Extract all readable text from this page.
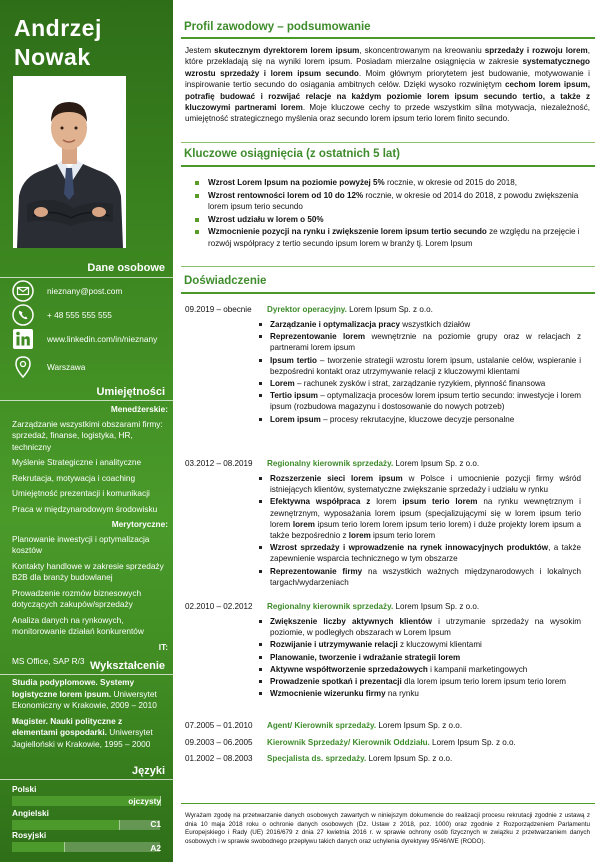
Andrzej
Nowak
Dane osobowe
nieznany@post.com
+ 48 555 555 555
www.linkedin.com/in/nieznany
Warszawa
Umiejętności
Menedżerskie:
Zarządzanie wszystkimi obszarami firmy: sprzedaż, finanse, logistyka, HR, techniczny
Myślenie Strategiczne i analityczne
Rekrutacja, motywacja i coaching
Umiejętność prezentacji i komunikacji
Praca w międzynarodowym środowisku
Merytoryczne:
Planowanie inwestycji i optymalizacja kosztów
Kontakty handlowe w zakresie sprzedaży B2B dla branży budowlanej
Prowadzenie rozmów biznesowych dotyczących zakupów/sprzedaży
Analiza danych na rynkowych, monitorowanie działań konkurentów
IT:
MS Office, SAP R/3 Wykształcenie
Studia podyplomowe. Systemy logistyczne lorem ipsum. Uniwersytet Ekonomiczny w Krakowie, 2009 – 2010
Magister. Nauki polityczne z elementami gospodarki. Uniwersytet Jagielloński w Krakowie, 1995 – 2000
Języki
Polski
ojczysty
Angielski
C1
Rosyjski
A2
Profil zawodowy – podsumowanie
Jestem skutecznym dyrektorem lorem ipsum, skoncentrowanym na kreowaniu sprzedaży i rozwoju lorem, które przekładają się na wyniki lorem ipsum. Posiadam mierzalne osiągnięcia w zakresie systematycznego wzrostu sprzedaży i lorem ipsum secundo. Moim głównym priorytetem jest budowanie, motywowanie i inspirowanie tertio secundo do osiągania ambitnych celów. Dzięki wysoko rozwiniętym cechom lorem ipsum, potrafię budować i rozwijać relacje na każdym poziomie lorem ipsum secundo tertio, a także z kluczowymi partnerami lorem. Moje kluczowe cechy to przede wszystkim silna motywacja, niezależność, umiejętność strategicznego myślenia oraz secundo lorem ipsum terio lorem finito secundo.
Kluczowe osiągnięcia (z ostatnich 5 lat)
Wzrost Lorem Ipsum na poziomie powyżej 5% rocznie, w okresie od 2015 do 2018,
Wzrost rentowności lorem od 10 do 12% rocznie, w okresie od 2014 do 2018, z powodu zwiększenia lorem ipsum terio secundo
Wzrost udziału w lorem o 50%
Wzmocnienie pozycji na rynku i zwiększenie lorem ipsum tertio secundo ze względu na przejęcie i rozwój współpracy z tertio secundo ipsum lorem w branży tj. Lorem Ipsum
Doświadczenie
09.2019 – obecnie Dyrektor operacyjny. Lorem Ipsum Sp. z o.o.
Zarządzanie i optymalizacja pracy wszystkich działów
Reprezentowanie lorem wewnętrznie na poziomie grupy oraz w relacjach z partnerami lorem ipsum
Ipsum tertio – tworzenie strategii wzrostu lorem ipsum, ustalanie celów, wspieranie i bezpośredni kontakt oraz utrzymywanie relacji z kluczowymi klientami
Lorem – rachunek zysków i strat, zarządzanie ryzykiem, płynność finansowa
Tertio ipsum – optymalizacja procesów lorem ipsum tertio secundo: inwestycje i lorem ipsum (rozbudowa magazynu i dostosowanie do nowych potrzeb)
Lorem ipsum – procesy rekrutacyjne, kluczowe decyzje personalne
03.2012 – 08.2019 Regionalny kierownik sprzedaży. Lorem Ipsum Sp. z o.o.
Rozszerzenie sieci lorem ipsum w Polsce i umocnienie pozycji firmy wśród istniejących klientów, systematyczne zwiększanie sprzedaży i udziału w rynku
Efektywna współpraca z lorem ipsum terio lorem na rynku wewnętrznym i zewnętrznym, wyposażania lorem ipsum (specjalizującymi się w lorem ipsum terio lorem lorem ipsum terio lorem lorem ipsum terio lorem) i duże projekty lorem ipsum a także bezpośrednio z lorem ipsum terio lorem
Wzrost sprzedaży i wprowadzenie na rynek innowacyjnych produktów, a także zapewnienie wsparcia technicznego w tym obszarze
Reprezentowanie firmy na wszystkich ważnych międzynarodowych i lokalnych targach/wydarzeniach
02.2010 – 02.2012 Regionalny kierownik sprzedaży. Lorem Ipsum Sp. z o.o.
Zwiększenie liczby aktywnych klientów i utrzymanie sprzedaży na wysokim poziomie, w podległych obszarach w Lorem Ipsum
Rozwijanie i utrzymywanie relacji z kluczowymi klientami
Planowanie, tworzenie i wdrażanie strategii lorem
Aktywne współtworzenie sprzedażowych i kampanii marketingowych
Prowadzenie spotkań i prezentacji dla lorem ipsum terio lorem ipsum terio lorem
Wzmocnienie wizerunku firmy na rynku
07.2005 – 01.2010 Agent/ Kierownik sprzedaży. Lorem Ipsum Sp. z o.o.
09.2003 – 06.2005 Kierownik Sprzedaży/ Kierownik Oddziału. Lorem Ipsum Sp. z o.o.
01.2002 – 08.2003 Specjalista ds. sprzedaży. Lorem Ipsum Sp. z o.o.
Wyrażam zgodę na przetwarzanie danych osobowych zawartych w niniejszym dokumencie do realizacji procesu rekrutacji zgodnie z ustawą z dnia 10 maja 2018 roku o ochronie danych osobowych (Dz. Ustaw z 2018, poz. 1000) oraz zgodnie z Rozporządzeniem Parlamentu Europejskiego i Rady (UE) 2016/679 z dnia 27 kwietnia 2016 r. w sprawie ochrony osób fizycznych w związku z przetwarzaniem danych osobowych i w sprawie swobodnego przepływu takich danych oraz uchylenia dyrektywy 95/46/WE (RODO).
